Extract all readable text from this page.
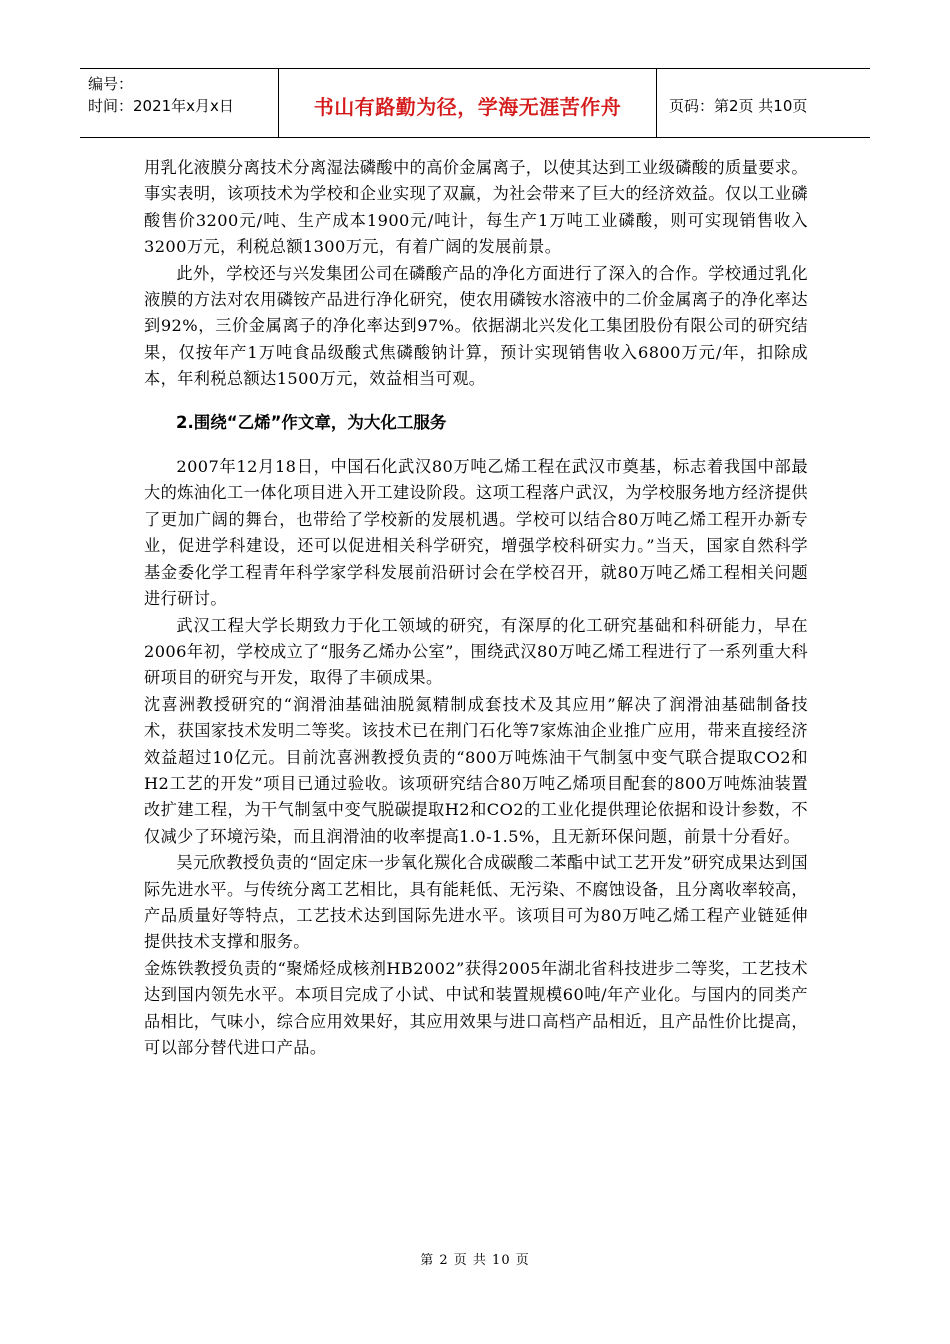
编号：
时间：2021年x月x日	书山有路勤为径，学海无涯苦作舟	页码：第2页 共10页

用乳化液膜分离技术分离湿法磷酸中的高价金属离子，以使其达到工业级磷酸的质量要求。事实表明，该项技术为学校和企业实现了双赢，为社会带来了巨大的经济效益。仅以工业磷酸售价3200元/吨、生产成本1900元/吨计，每生产1万吨工业磷酸，则可实现销售收入3200万元，利税总额1300万元，有着广阔的发展前景。

此外，学校还与兴发集团公司在磷酸产品的净化方面进行了深入的合作。学校通过乳化液膜的方法对农用磷铵产品进行净化研究，使农用磷铵水溶液中的二价金属离子的净化率达到92%，三价金属离子的净化率达到97%。依据湖北兴发化工集团股份有限公司的研究结果，仅按年产1万吨食品级酸式焦磷酸钠计算，预计实现销售收入6800万元/年，扣除成本，年利税总额达1500万元，效益相当可观。

2.围绕“乙烯”作文章，为大化工服务

2007年12月18日，中国石化武汉80万吨乙烯工程在武汉市奠基，标志着我国中部最大的炼油化工一体化项目进入开工建设阶段。这项工程落户武汉，为学校服务地方经济提供了更加广阔的舞台，也带给了学校新的发展机遇。学校可以结合80万吨乙烯工程开办新专业，促进学科建设，还可以促进相关科学研究，增强学校科研实力。”当天，国家自然科学基金委化学工程青年科学家学科发展前沿研讨会在学校召开，就80万吨乙烯工程相关问题进行研讨。

武汉工程大学长期致力于化工领域的研究，有深厚的化工研究基础和科研能力，早在2006年初，学校成立了“服务乙烯办公室”，围绕武汉80万吨乙烯工程进行了一系列重大科研项目的研究与开发，取得了丰硕成果。

沈喜洲教授研究的“润滑油基础油脱氮精制成套技术及其应用”解决了润滑油基础制备技术，获国家技术发明二等奖。该技术已在荆门石化等7家炼油企业推广应用，带来直接经济效益超过10亿元。目前沈喜洲教授负责的“800万吨炼油干气制氢中变气联合提取CO2和H2工艺的开发”项目已通过验收。该项研究结合80万吨乙烯项目配套的800万吨炼油装置改扩建工程，为干气制氢中变气脱碳提取H2和CO2的工业化提供理论依据和设计参数，不仅减少了环境污染，而且润滑油的收率提高1.0-1.5%，且无新环保问题，前景十分看好。

吴元欣教授负责的“固定床一步氧化羰化合成碳酸二苯酯中试工艺开发”研究成果达到国际先进水平。与传统分离工艺相比，具有能耗低、无污染、不腐蚀设备，且分离收率较高，产品质量好等特点，工艺技术达到国际先进水平。该项目可为80万吨乙烯工程产业链延伸提供技术支撑和服务。

金炼铁教授负责的“聚烯烃成核剂HB2002”获得2005年湖北省科技进步二等奖，工艺技术达到国内领先水平。本项目完成了小试、中试和装置规模60吨/年产业化。与国内的同类产品相比，气味小，综合应用效果好，其应用效果与进口高档产品相近，且产品性价比提高，可以部分替代进口产品。

第 2 页 共 10 页
